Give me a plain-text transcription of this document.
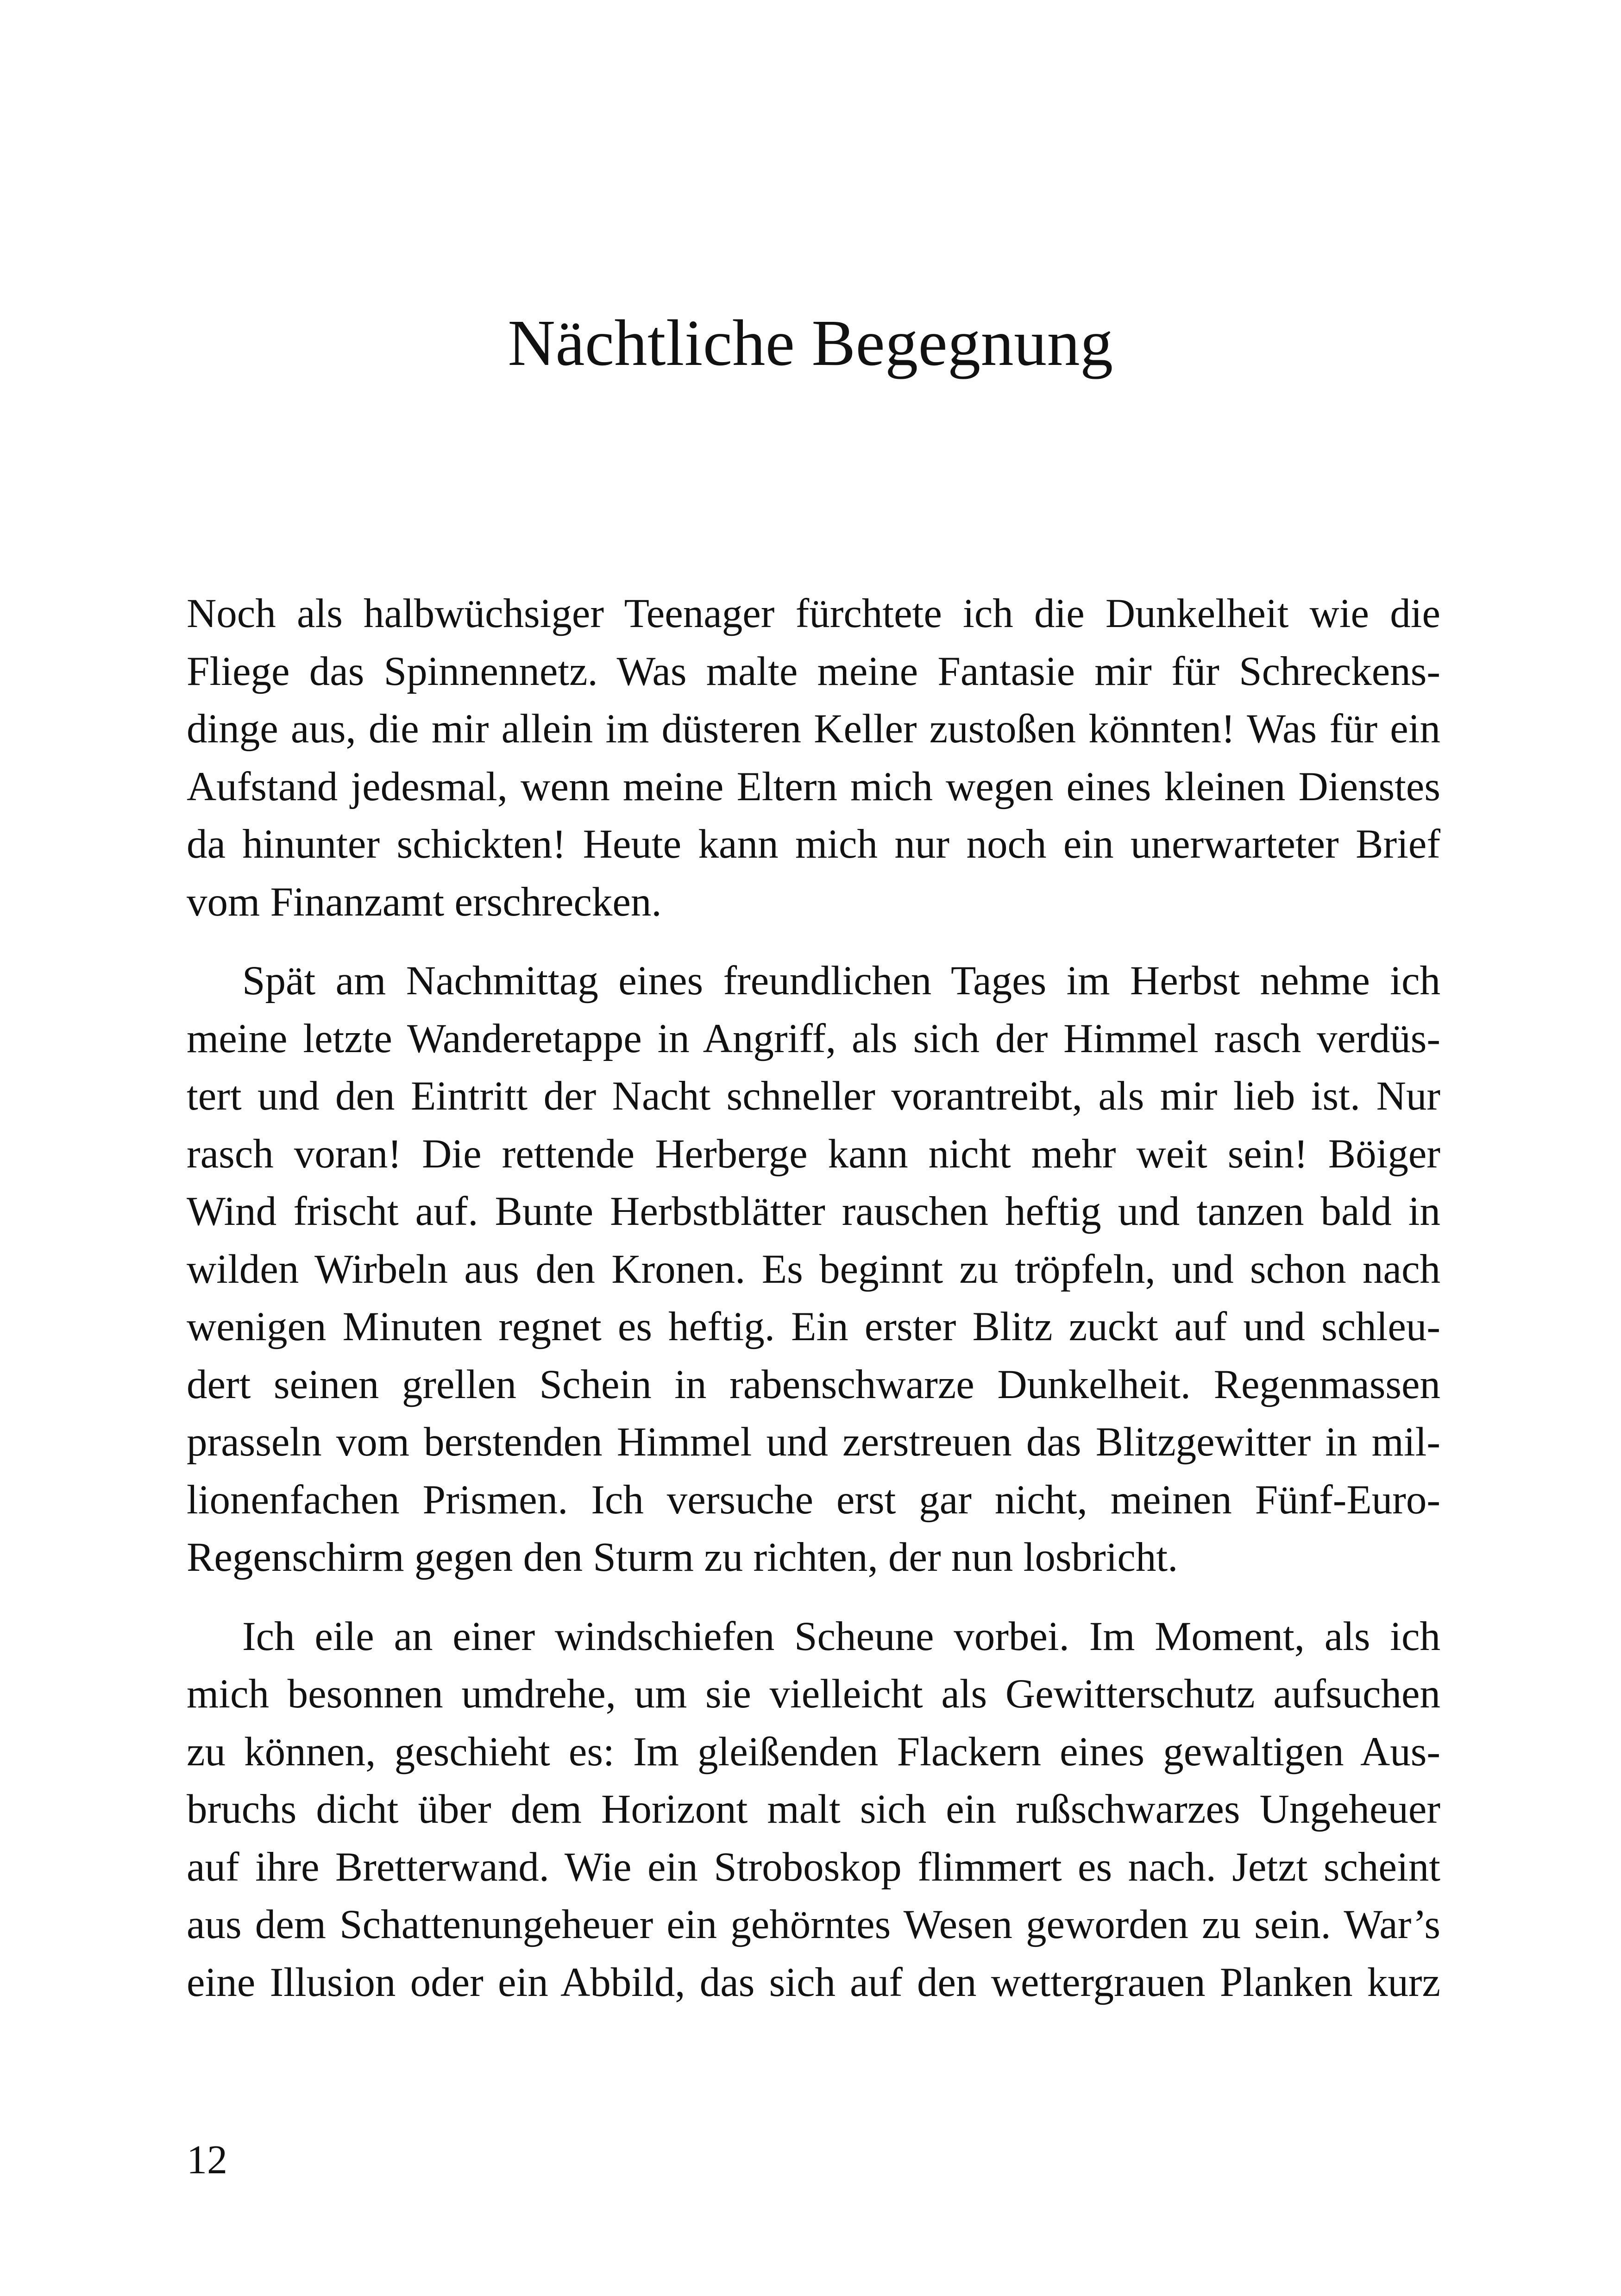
Nächtliche Begegnung
Noch als halbwüchsiger Teenager fürchtete ich die Dunkelheit wie die
Fliege das Spinnennetz. Was malte meine Fantasie mir für Schreckens-
dinge aus, die mir allein im düsteren Keller zustoßen könnten! Was für ein
Aufstand jedesmal, wenn meine Eltern mich wegen eines kleinen Dienstes
da hinunter schickten! Heute kann mich nur noch ein unerwarteter Brief
vom Finanzamt erschrecken.
Spät am Nachmittag eines freundlichen Tages im Herbst nehme ich
meine letzte Wanderetappe in Angriff, als sich der Himmel rasch verdüs-
tert und den Eintritt der Nacht schneller vorantreibt, als mir lieb ist. Nur
rasch voran! Die rettende Herberge kann nicht mehr weit sein! Böiger
Wind frischt auf. Bunte Herbstblätter rauschen heftig und tanzen bald in
wilden Wirbeln aus den Kronen. Es beginnt zu tröpfeln, und schon nach
wenigen Minuten regnet es heftig. Ein erster Blitz zuckt auf und schleu-
dert seinen grellen Schein in rabenschwarze Dunkelheit. Regenmassen
prasseln vom berstenden Himmel und zerstreuen das Blitzgewitter in mil-
lionenfachen Prismen. Ich versuche erst gar nicht, meinen Fünf-Euro-
Regenschirm gegen den Sturm zu richten, der nun losbricht.
Ich eile an einer windschiefen Scheune vorbei. Im Moment, als ich
mich besonnen umdrehe, um sie vielleicht als Gewitterschutz aufsuchen
zu können, geschieht es: Im gleißenden Flackern eines gewaltigen Aus-
bruchs dicht über dem Horizont malt sich ein rußschwarzes Ungeheuer
auf ihre Bretterwand. Wie ein Stroboskop flimmert es nach. Jetzt scheint
aus dem Schattenungeheuer ein gehörntes Wesen geworden zu sein. War’s
eine Illusion oder ein Abbild, das sich auf den wettergrauen Planken kurz
12
